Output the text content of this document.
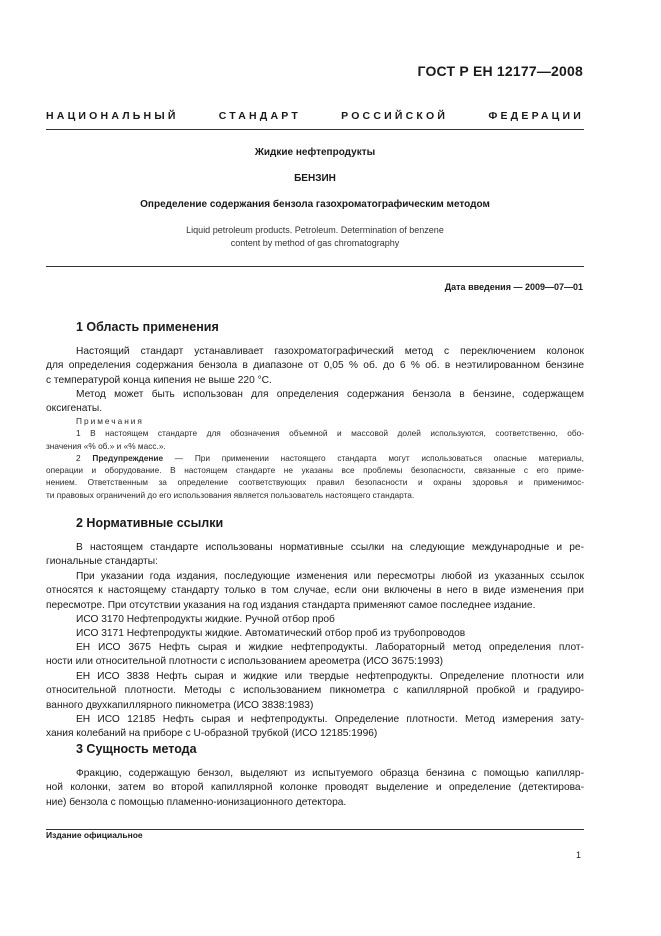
ГОСТ Р ЕН 12177—2008
НАЦИОНАЛЬНЫЙ СТАНДАРТ РОССИЙСКОЙ ФЕДЕРАЦИИ
Жидкие нефтепродукты
БЕНЗИН
Определение содержания бензола газохроматографическим методом
Liquid petroleum products. Petroleum. Determination of benzene
content by method of gas chromatography
Дата введения — 2009—07—01
1 Область применения
Настоящий стандарт устанавливает газохроматографический метод с переключением колонок
для определения содержания бензола в диапазоне от 0,05 % об. до 6 % об. в неэтилированном бензине
с температурой конца кипения не выше 220 °С.
Метод может быть использован для определения содержания бензола в бензине, содержащем
оксигенаты.
Примечания
1 В настоящем стандарте для обозначения объемной и массовой долей используются, соответственно, обо-
значения «% об.» и «% масс.».
2 Предупреждение — При применении настоящего стандарта могут использоваться опасные материалы,
операции и оборудование. В настоящем стандарте не указаны все проблемы безопасности, связанные с его приме-
нением. Ответственным за определение соответствующих правил безопасности и охраны здоровья и применимос-
ти правовых ограничений до его использования является пользователь настоящего стандарта.
2 Нормативные ссылки
В настоящем стандарте использованы нормативные ссылки на следующие международные и ре-
гиональные стандарты:
При указании года издания, последующие изменения или пересмотры любой из указанных ссылок
относятся к настоящему стандарту только в том случае, если они включены в него в виде изменения при
пересмотре. При отсутствии указания на год издания стандарта применяют самое последнее издание.
ИСО 3170 Нефтепродукты жидкие. Ручной отбор проб
ИСО 3171 Нефтепродукты жидкие. Автоматический отбор проб из трубопроводов
ЕН ИСО 3675 Нефть сырая и жидкие нефтепродукты. Лабораторный метод определения плот-
ности или относительной плотности с использованием ареометра (ИСО 3675:1993)
ЕН ИСО 3838 Нефть сырая и жидкие или твердые нефтепродукты. Определение плотности или
относительной плотности. Методы с использованием пикнометра с капиллярной пробкой и градуиро-
ванного двухкапиллярного пикнометра (ИСО 3838:1983)
ЕН ИСО 12185 Нефть сырая и нефтепродукты. Определение плотности. Метод измерения зату-
хания колебаний на приборе с U-образной трубкой (ИСО 12185:1996)
3 Сущность метода
Фракцию, содержащую бензол, выделяют из испытуемого образца бензина с помощью капилляр-
ной колонки, затем во второй капиллярной колонке проводят выделение и определение (детектирова-
ние) бензола с помощью пламенно-ионизационного детектора.
Издание официальное
1
